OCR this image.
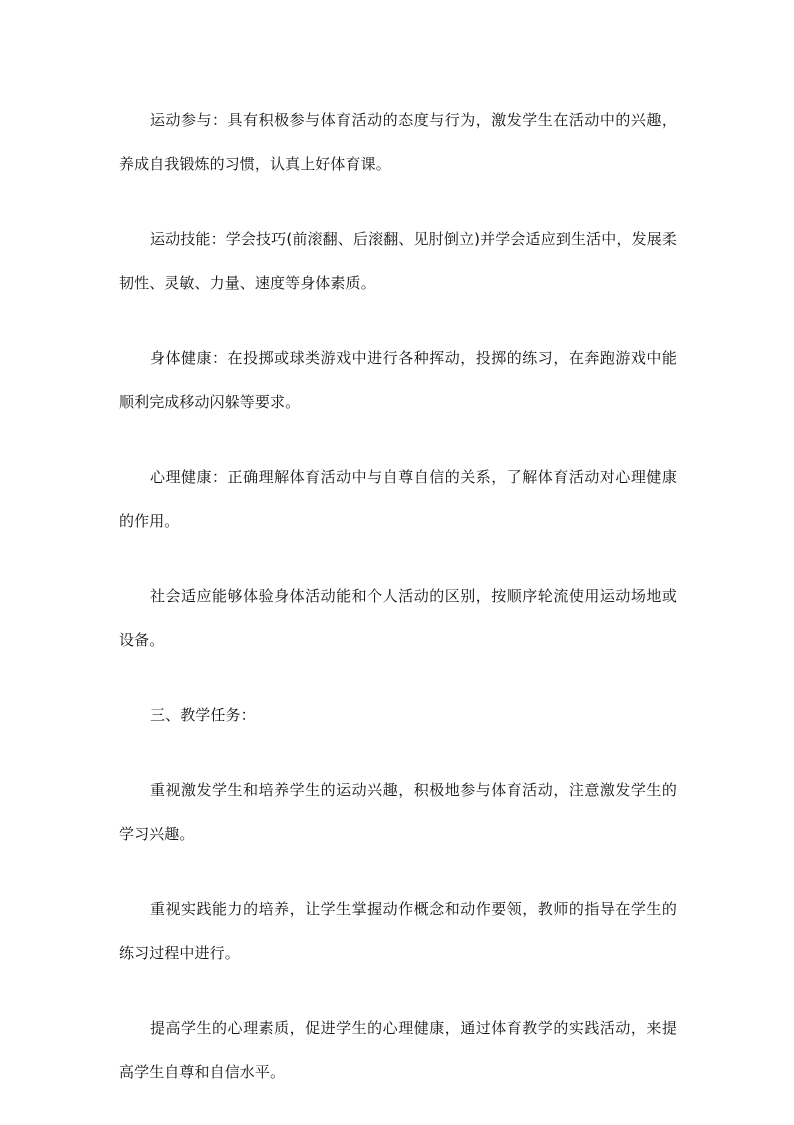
运动参与：具有积极参与体育活动的态度与行为，激发学生在活动中的兴趣，养成自我锻炼的习惯，认真上好体育课。

运动技能：学会技巧(前滚翻、后滚翻、见肘倒立)并学会适应到生活中，发展柔韧性、灵敏、力量、速度等身体素质。

身体健康：在投掷或球类游戏中进行各种挥动，投掷的练习，在奔跑游戏中能顺利完成移动闪躲等要求。

心理健康：正确理解体育活动中与自尊自信的关系，了解体育活动对心理健康的作用。

社会适应能够体验身体活动能和个人活动的区别，按顺序轮流使用运动场地或设备。

三、教学任务：

重视激发学生和培养学生的运动兴趣，积极地参与体育活动，注意激发学生的学习兴趣。

重视实践能力的培养，让学生掌握动作概念和动作要领，教师的指导在学生的练习过程中进行。

提高学生的心理素质，促进学生的心理健康，通过体育教学的实践活动，来提高学生自尊和自信水平。
